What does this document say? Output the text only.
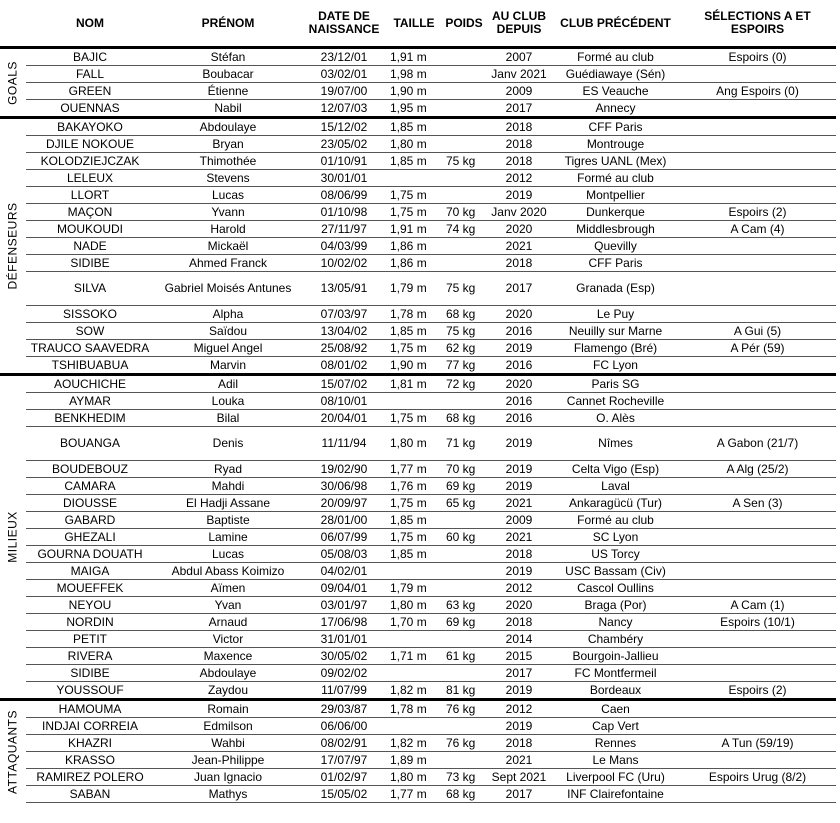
	NOM	PRÉNOM	DATE DE NAISSANCE	TAILLE	POIDS	AU CLUB DEPUIS	CLUB PRÉCÉDENT	SÉLECTIONS A ET ESPOIRS

GOALS	BAJIC	Stéfan	23/12/01	1,91 m		2007	Formé au club	Espoirs (0)
	FALL	Boubacar	03/02/01	1,98 m		Janv 2021	Guédiawaye (Sén)	
	GREEN	Étienne	19/07/00	1,90 m		2009	ES Veauche	Ang Espoirs (0)
	OUENNAS	Nabil	12/07/03	1,95 m		2017	Annecy	

DÉFENSEURS	BAKAYOKO	Abdoulaye	15/12/02	1,85 m		2018	CFF Paris	
	DJILE NOKOUE	Bryan	23/05/02	1,80 m		2018	Montrouge	
	KOLODZIEJCZAK	Thimothée	01/10/91	1,85 m	75 kg	2018	Tigres UANL (Mex)	
	LELEUX	Stevens	30/01/01			2012	Formé au club	
	LLORT	Lucas	08/06/99	1,75 m		2019	Montpellier	
	MAÇON	Yvann	01/10/98	1,75 m	70 kg	Janv 2020	Dunkerque	Espoirs (2)
	MOUKOUDI	Harold	27/11/97	1,91 m	74 kg	2020	Middlesbrough	A Cam (4)
	NADE	Mickaël	04/03/99	1,86 m		2021	Quevilly	
	SIDIBE	Ahmed Franck	10/02/02	1,86 m		2018	CFF Paris	
	SILVA	Gabriel Moisés Antunes	13/05/91	1,79 m	75 kg	2017	Granada (Esp)	
	SISSOKO	Alpha	07/03/97	1,78 m	68 kg	2020	Le Puy	
	SOW	Saïdou	13/04/02	1,85 m	75 kg	2016	Neuilly sur Marne	A Gui (5)
	TRAUCO SAAVEDRA	Miguel Angel	25/08/92	1,75 m	62 kg	2019	Flamengo (Bré)	A Pér (59)
	TSHIBUABUA	Marvin	08/01/02	1,90 m	77 kg	2016	FC Lyon	

MILIEUX	AOUCHICHE	Adil	15/07/02	1,81 m	72 kg	2020	Paris SG	
	AYMAR	Louka	08/10/01			2016	Cannet Rocheville	
	BENKHEDIM	Bilal	20/04/01	1,75 m	68 kg	2016	O. Alès	
	BOUANGA	Denis	11/11/94	1,80 m	71 kg	2019	Nîmes	A Gabon (21/7)
	BOUDEBOUZ	Ryad	19/02/90	1,77 m	70 kg	2019	Celta Vigo (Esp)	A Alg (25/2)
	CAMARA	Mahdi	30/06/98	1,76 m	69 kg	2019	Laval	
	DIOUSSE	El Hadji Assane	20/09/97	1,75 m	65 kg	2021	Ankaragücü (Tur)	A Sen (3)
	GABARD	Baptiste	28/01/00	1,85 m		2009	Formé au club	
	GHEZALI	Lamine	06/07/99	1,75 m	60 kg	2021	SC Lyon	
	GOURNA DOUATH	Lucas	05/08/03	1,85 m		2018	US Torcy	
	MAIGA	Abdul Abass Koimizo	04/02/01			2019	USC Bassam (Civ)	
	MOUEFFEK	Aïmen	09/04/01	1,79 m		2012	Cascol Oullins	
	NEYOU	Yvan	03/01/97	1,80 m	63 kg	2020	Braga (Por)	A Cam (1)
	NORDIN	Arnaud	17/06/98	1,70 m	69 kg	2018	Nancy	Espoirs (10/1)
	PETIT	Victor	31/01/01			2014	Chambéry	
	RIVERA	Maxence	30/05/02	1,71 m	61 kg	2015	Bourgoin-Jallieu	
	SIDIBE	Abdoulaye	09/02/02			2017	FC Montfermeil	
	YOUSSOUF	Zaydou	11/07/99	1,82 m	81 kg	2019	Bordeaux	Espoirs (2)

ATTAQUANTS	HAMOUMA	Romain	29/03/87	1,78 m	76 kg	2012	Caen	
	INDJAI CORREIA	Edmilson	06/06/00			2019	Cap Vert	
	KHAZRI	Wahbi	08/02/91	1,82 m	76 kg	2018	Rennes	A Tun (59/19)
	KRASSO	Jean-Philippe	17/07/97	1,89 m		2021	Le Mans	
	RAMIREZ POLERO	Juan Ignacio	01/02/97	1,80 m	73 kg	Sept 2021	Liverpool FC (Uru)	Espoirs Urug (8/2)
	SABAN	Mathys	15/05/02	1,77 m	68 kg	2017	INF Clairefontaine	
